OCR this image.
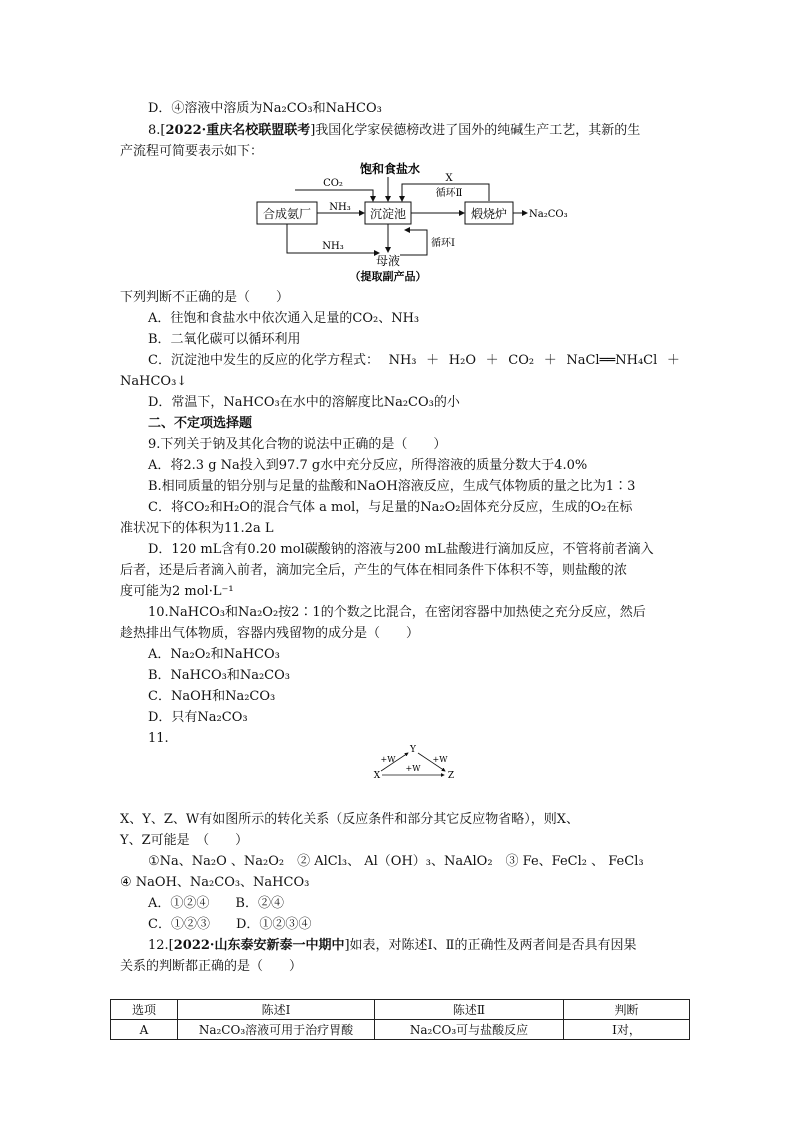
D．④溶液中溶质为Na₂CO₃和NaHCO₃
8.[2022·重庆名校联盟联考]我国化学家侯德榜改进了国外的纯碱生产工艺，其新的生
产流程可简要表示如下：
合成氨厂	沉淀池	煅烧炉
饱和食盐水
CO₂
NH₃
Na₂CO₃
X
循环Ⅱ
NH₃	循环Ⅰ
母液
（提取副产品）
下列判断不正确的是（　　）
A．往饱和食盐水中依次通入足量的CO₂、NH₃
B．二氧化碳可以循环利用
C．沉淀池中发生的反应的化学方程式： NH₃ ＋ H₂O ＋ CO₂ ＋ NaCl══NH₄Cl ＋
NaHCO₃↓
D．常温下，NaHCO₃在水中的溶解度比Na₂CO₃的小
二、不定项选择题
9.下列关于钠及其化合物的说法中正确的是（　　）
A．将2.3 g Na投入到97.7 g水中充分反应，所得溶液的质量分数大于4.0%
B.相同质量的铝分别与足量的盐酸和NaOH溶液反应，生成气体物质的量之比为1∶3
C．将CO₂和H₂O的混合气体 a mol，与足量的Na₂O₂固体充分反应，生成的O₂在标
准状况下的体积为11.2a L
D．120 mL含有0.20 mol碳酸钠的溶液与200 mL盐酸进行滴加反应，不管将前者滴入
后者，还是后者滴入前者，滴加完全后，产生的气体在相同条件下体积不等，则盐酸的浓
度可能为2 mol·L⁻¹
10.NaHCO₃和Na₂O₂按2∶1的个数之比混合，在密闭容器中加热使之充分反应，然后
趁热排出气体物质，容器内残留物的成分是（　　）
A．Na₂O₂和NaHCO₃
B．NaHCO₃和Na₂CO₃
C．NaOH和Na₂CO₃
D．只有Na₂CO₃
11.
Y
X	Z
+W	+W
+W
X、Y、Z、W有如图所示的转化关系（反应条件和部分其它反应物省略），则X、
Y、Z可能是　（　　）
①Na、Na₂O 、Na₂O₂　② AlCl₃、 Al（OH）₃、NaAlO₂　③ Fe、FeCl₂ 、 FeCl₃
④ NaOH、Na₂CO₃、NaHCO₃
A．①②④　　B．②④
C．①②③　　D．①②③④
12.[2022·山东泰安新泰一中期中]如表，对陈述Ⅰ、Ⅱ的正确性及两者间是否具有因果
关系的判断都正确的是（　　）
选项	陈述Ⅰ	陈述Ⅱ	判断
A	Na₂CO₃溶液可用于治疗胃酸	Na₂CO₃可与盐酸反应	Ⅰ对，
